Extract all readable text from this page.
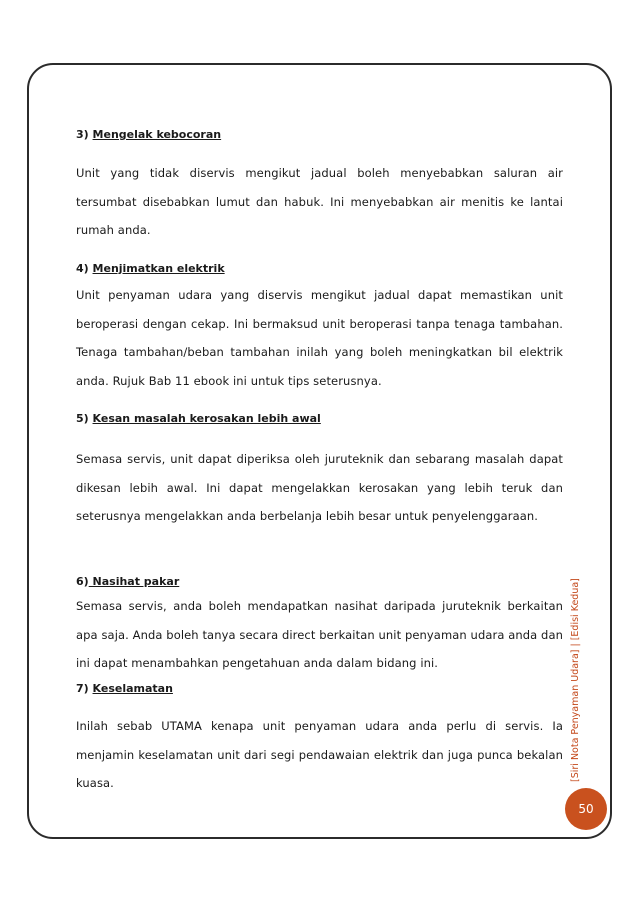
3) Mengelak kebocoran

Unit yang tidak diservis mengikut jadual boleh menyebabkan saluran air tersumbat disebabkan lumut dan habuk. Ini menyebabkan air menitis ke lantai rumah anda.

4) Menjimatkan elektrik

Unit penyaman udara yang diservis mengikut jadual dapat memastikan unit beroperasi dengan cekap. Ini bermaksud unit beroperasi tanpa tenaga tambahan. Tenaga tambahan/beban tambahan inilah yang boleh meningkatkan bil elektrik anda. Rujuk Bab 11 ebook ini untuk tips seterusnya.

5) Kesan masalah kerosakan lebih awal

Semasa servis, unit dapat diperiksa oleh juruteknik dan sebarang masalah dapat dikesan lebih awal. Ini dapat mengelakkan kerosakan yang lebih teruk dan seterusnya mengelakkan anda berbelanja lebih besar untuk penyelenggaraan.

6) Nasihat pakar

Semasa servis, anda boleh mendapatkan nasihat daripada juruteknik berkaitan apa saja. Anda boleh tanya secara direct berkaitan unit penyaman udara anda dan ini dapat menambahkan pengetahuan anda dalam bidang ini.

7) Keselamatan

Inilah sebab UTAMA kenapa unit penyaman udara anda perlu di servis. Ia menjamin keselamatan unit dari segi pendawaian elektrik dan juga punca bekalan kuasa.

[Siri Nota Penyaman Udara] | [Edisi Kedua]
50
